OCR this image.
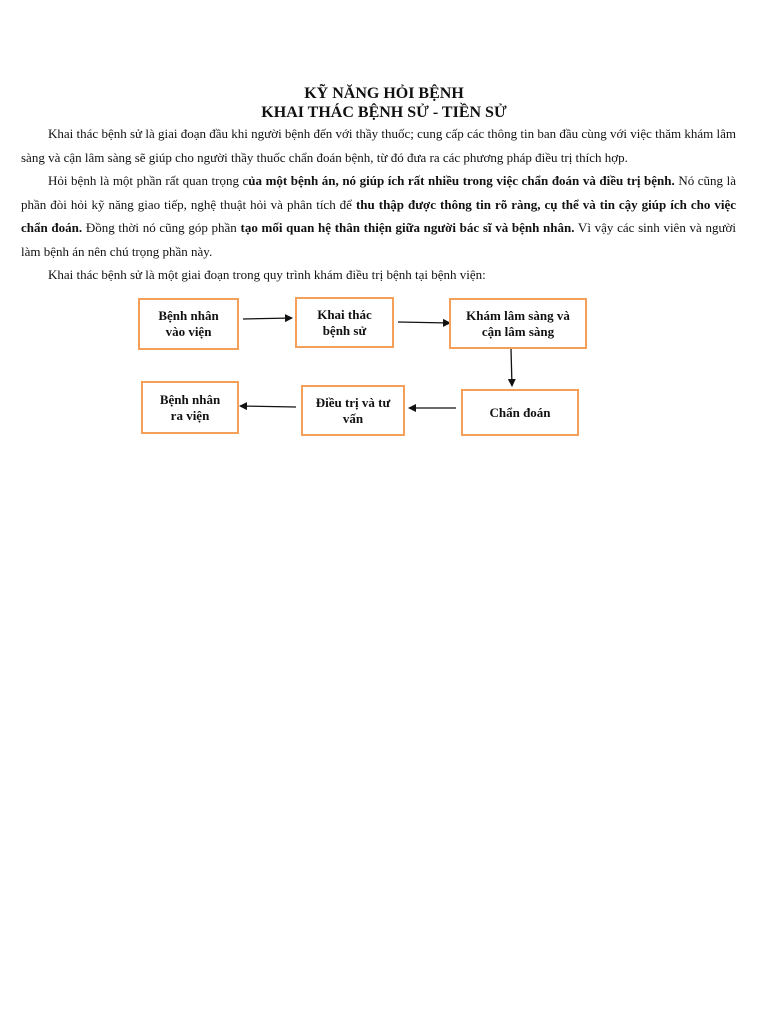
KỸ NĂNG HỎI BỆNH
KHAI THÁC BỆNH SỬ - TIỀN SỬ

Khai thác bệnh sử là giai đoạn đầu khi người bệnh đến với thầy thuốc; cung cấp các thông tin ban đầu cùng với việc thăm khám lâm sàng và cận lâm sàng sẽ giúp cho người thầy thuốc chẩn đoán bệnh, từ đó đưa ra các phương pháp điều trị thích hợp.

Hỏi bệnh là một phần rất quan trọng của một bệnh án, nó giúp ích rất nhiều trong việc chẩn đoán và điều trị bệnh. Nó cũng là phần đòi hỏi kỹ năng giao tiếp, nghệ thuật hỏi và phân tích để thu thập được thông tin rõ ràng, cụ thể và tin cậy giúp ích cho việc chẩn đoán. Đồng thời nó cũng góp phần tạo mối quan hệ thân thiện giữa người bác sĩ và bệnh nhân. Vì vậy các sinh viên và người làm bệnh án nên chú trọng phần này.

Khai thác bệnh sử là một giai đoạn trong quy trình khám điều trị bệnh tại bệnh viện:

Bệnh nhân
vào viện
Khai thác
bệnh sử
Khám lâm sàng và
cận lâm sàng
Chẩn đoán
Điều trị và tư
vấn
Bệnh nhân
ra viện
